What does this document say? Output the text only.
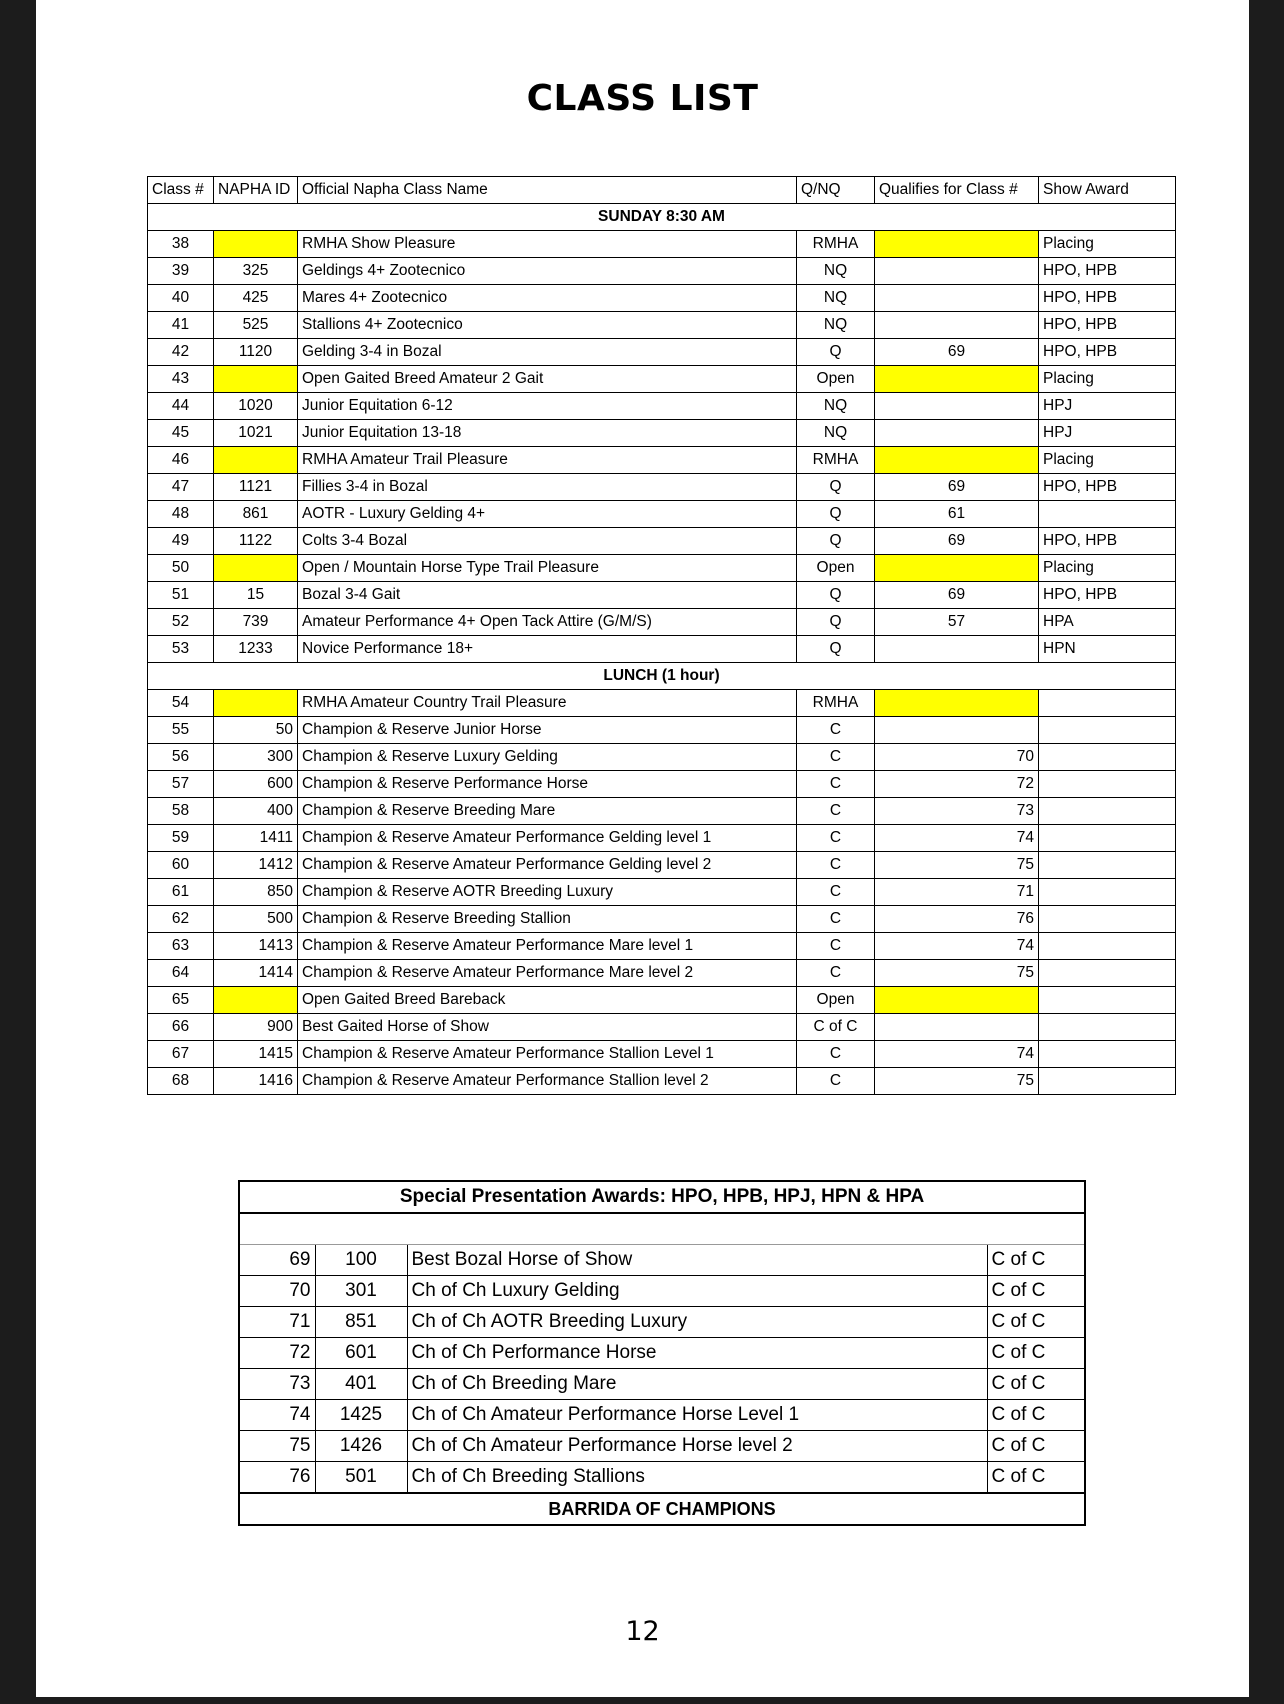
CLASS LIST
Class #	NAPHA ID	Official Napha Class Name	Q/NQ	Qualifies for Class #	Show Award
SUNDAY 8:30 AM					
38		RMHA Show Pleasure	RMHA		Placing
39	325	Geldings 4+ Zootecnico	NQ		HPO, HPB
40	425	Mares 4+ Zootecnico	NQ		HPO, HPB
41	525	Stallions 4+ Zootecnico	NQ		HPO, HPB
42	1120	Gelding 3-4 in Bozal	Q	69	HPO, HPB
43		Open Gaited Breed Amateur 2 Gait	Open		Placing
44	1020	Junior Equitation 6-12	NQ		HPJ
45	1021	Junior Equitation 13-18	NQ		HPJ
46		RMHA Amateur Trail Pleasure	RMHA		Placing
47	1121	Fillies 3-4 in Bozal	Q	69	HPO, HPB
48	861	AOTR - Luxury Gelding 4+	Q	61	
49	1122	Colts 3-4 Bozal	Q	69	HPO, HPB
50		Open / Mountain Horse Type Trail Pleasure	Open		Placing
51	15	Bozal 3-4 Gait	Q	69	HPO, HPB
52	739	Amateur Performance 4+ Open Tack Attire (G/M/S)	Q	57	HPA
53	1233	Novice Performance 18+	Q		HPN
LUNCH (1 hour)					
54		RMHA Amateur Country Trail Pleasure	RMHA		
55	50	Champion & Reserve Junior Horse	C		
56	300	Champion & Reserve Luxury Gelding	C	70	
57	600	Champion & Reserve Performance Horse	C	72	
58	400	Champion & Reserve Breeding Mare	C	73	
59	1411	Champion & Reserve Amateur Performance Gelding level 1	C	74	
60	1412	Champion & Reserve Amateur Performance Gelding level 2	C	75	
61	850	Champion & Reserve AOTR Breeding Luxury	C	71	
62	500	Champion & Reserve Breeding Stallion	C	76	
63	1413	Champion & Reserve Amateur Performance Mare level 1	C	74	
64	1414	Champion & Reserve Amateur Performance Mare level 2	C	75	
65		Open Gaited Breed Bareback	Open		
66	900	Best Gaited Horse of Show	C of C		
67	1415	Champion & Reserve Amateur Performance Stallion Level 1	C	74	
68	1416	Champion & Reserve Amateur Performance Stallion level 2	C	75	
Special Presentation Awards: HPO, HPB, HPJ, HPN & HPA			

69	100	Best Bozal Horse of Show	C of C
70	301	Ch of Ch Luxury Gelding	C of C
71	851	Ch of Ch AOTR Breeding Luxury	C of C
72	601	Ch of Ch Performance Horse	C of C
73	401	Ch of Ch Breeding Mare	C of C
74	1425	Ch of Ch Amateur Performance Horse Level 1	C of C
75	1426	Ch of Ch Amateur Performance Horse level 2	C of C
76	501	Ch of Ch Breeding Stallions	C of C
BARRIDA OF CHAMPIONS			
12
